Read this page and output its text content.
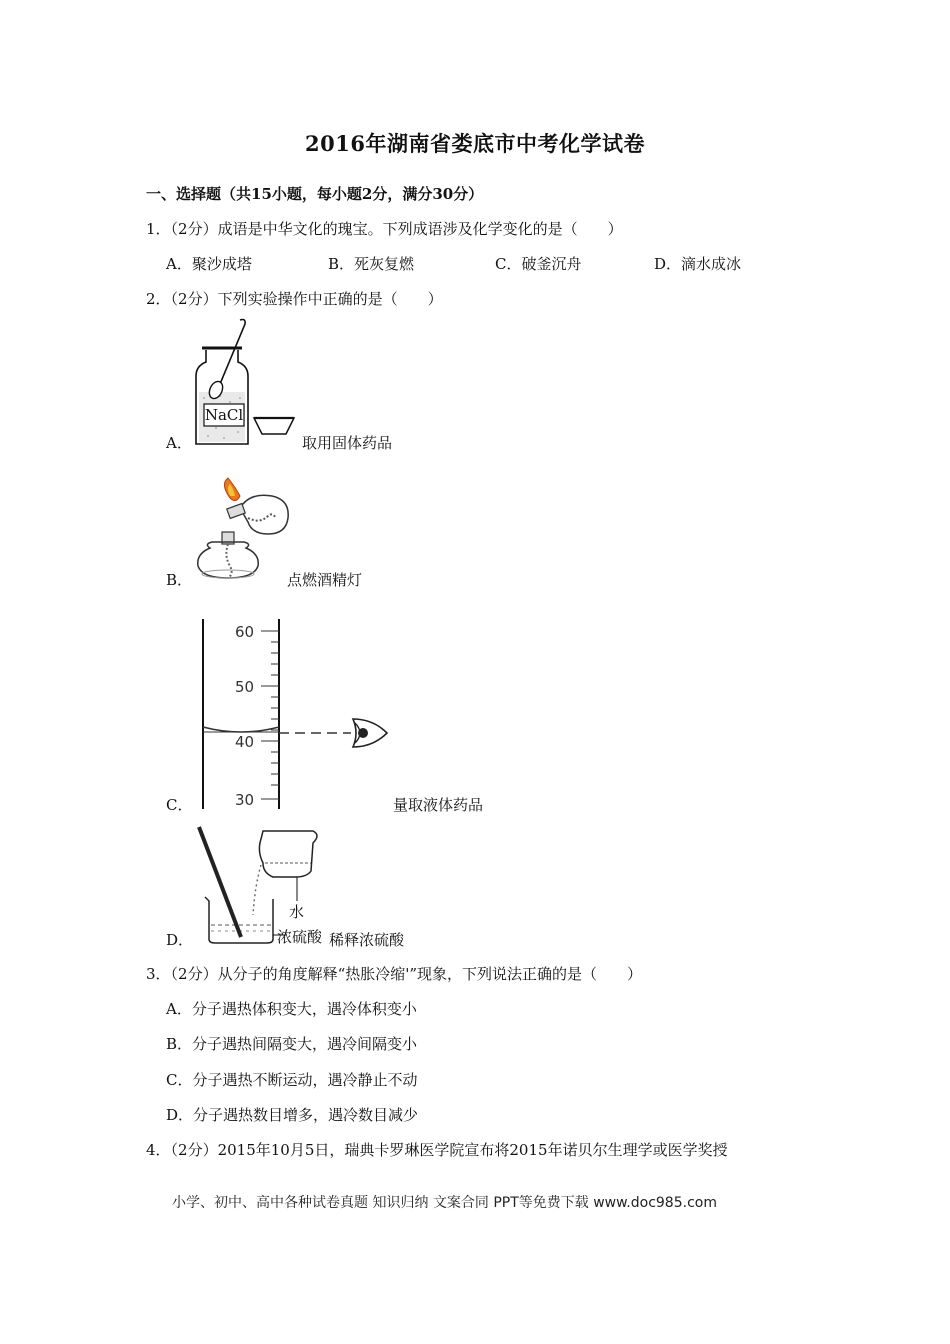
2016年湖南省娄底市中考化学试卷
一、选择题（共15小题，每小题2分，满分30分）
1．（2分）成语是中华文化的瑰宝。下列成语涉及化学变化的是（　　）
A．聚沙成塔	B．死灰复燃	C．破釜沉舟	D．滴水成冰
2．（2分）下列实验操作中正确的是（　　）
NaCl
A．	取用固体药品
B．	点燃酒精灯
60
50
40
30
C．	量取液体药品
水
浓硫酸
D．	稀释浓硫酸
3．（2分）从分子的角度解释“热胀冷缩'”现象，下列说法正确的是（　　）
A．分子遇热体积变大，遇冷体积变小
B．分子遇热间隔变大，遇冷间隔变小
C．分子遇热不断运动，遇冷静止不动
D．分子遇热数目增多，遇冷数目减少
4．（2分）2015年10月5日，瑞典卡罗琳医学院宣布将2015年诺贝尔生理学或医学奖授
小学、初中、高中各种试卷真题 知识归纳 文案合同 PPT等免费下载 www.doc985.com
